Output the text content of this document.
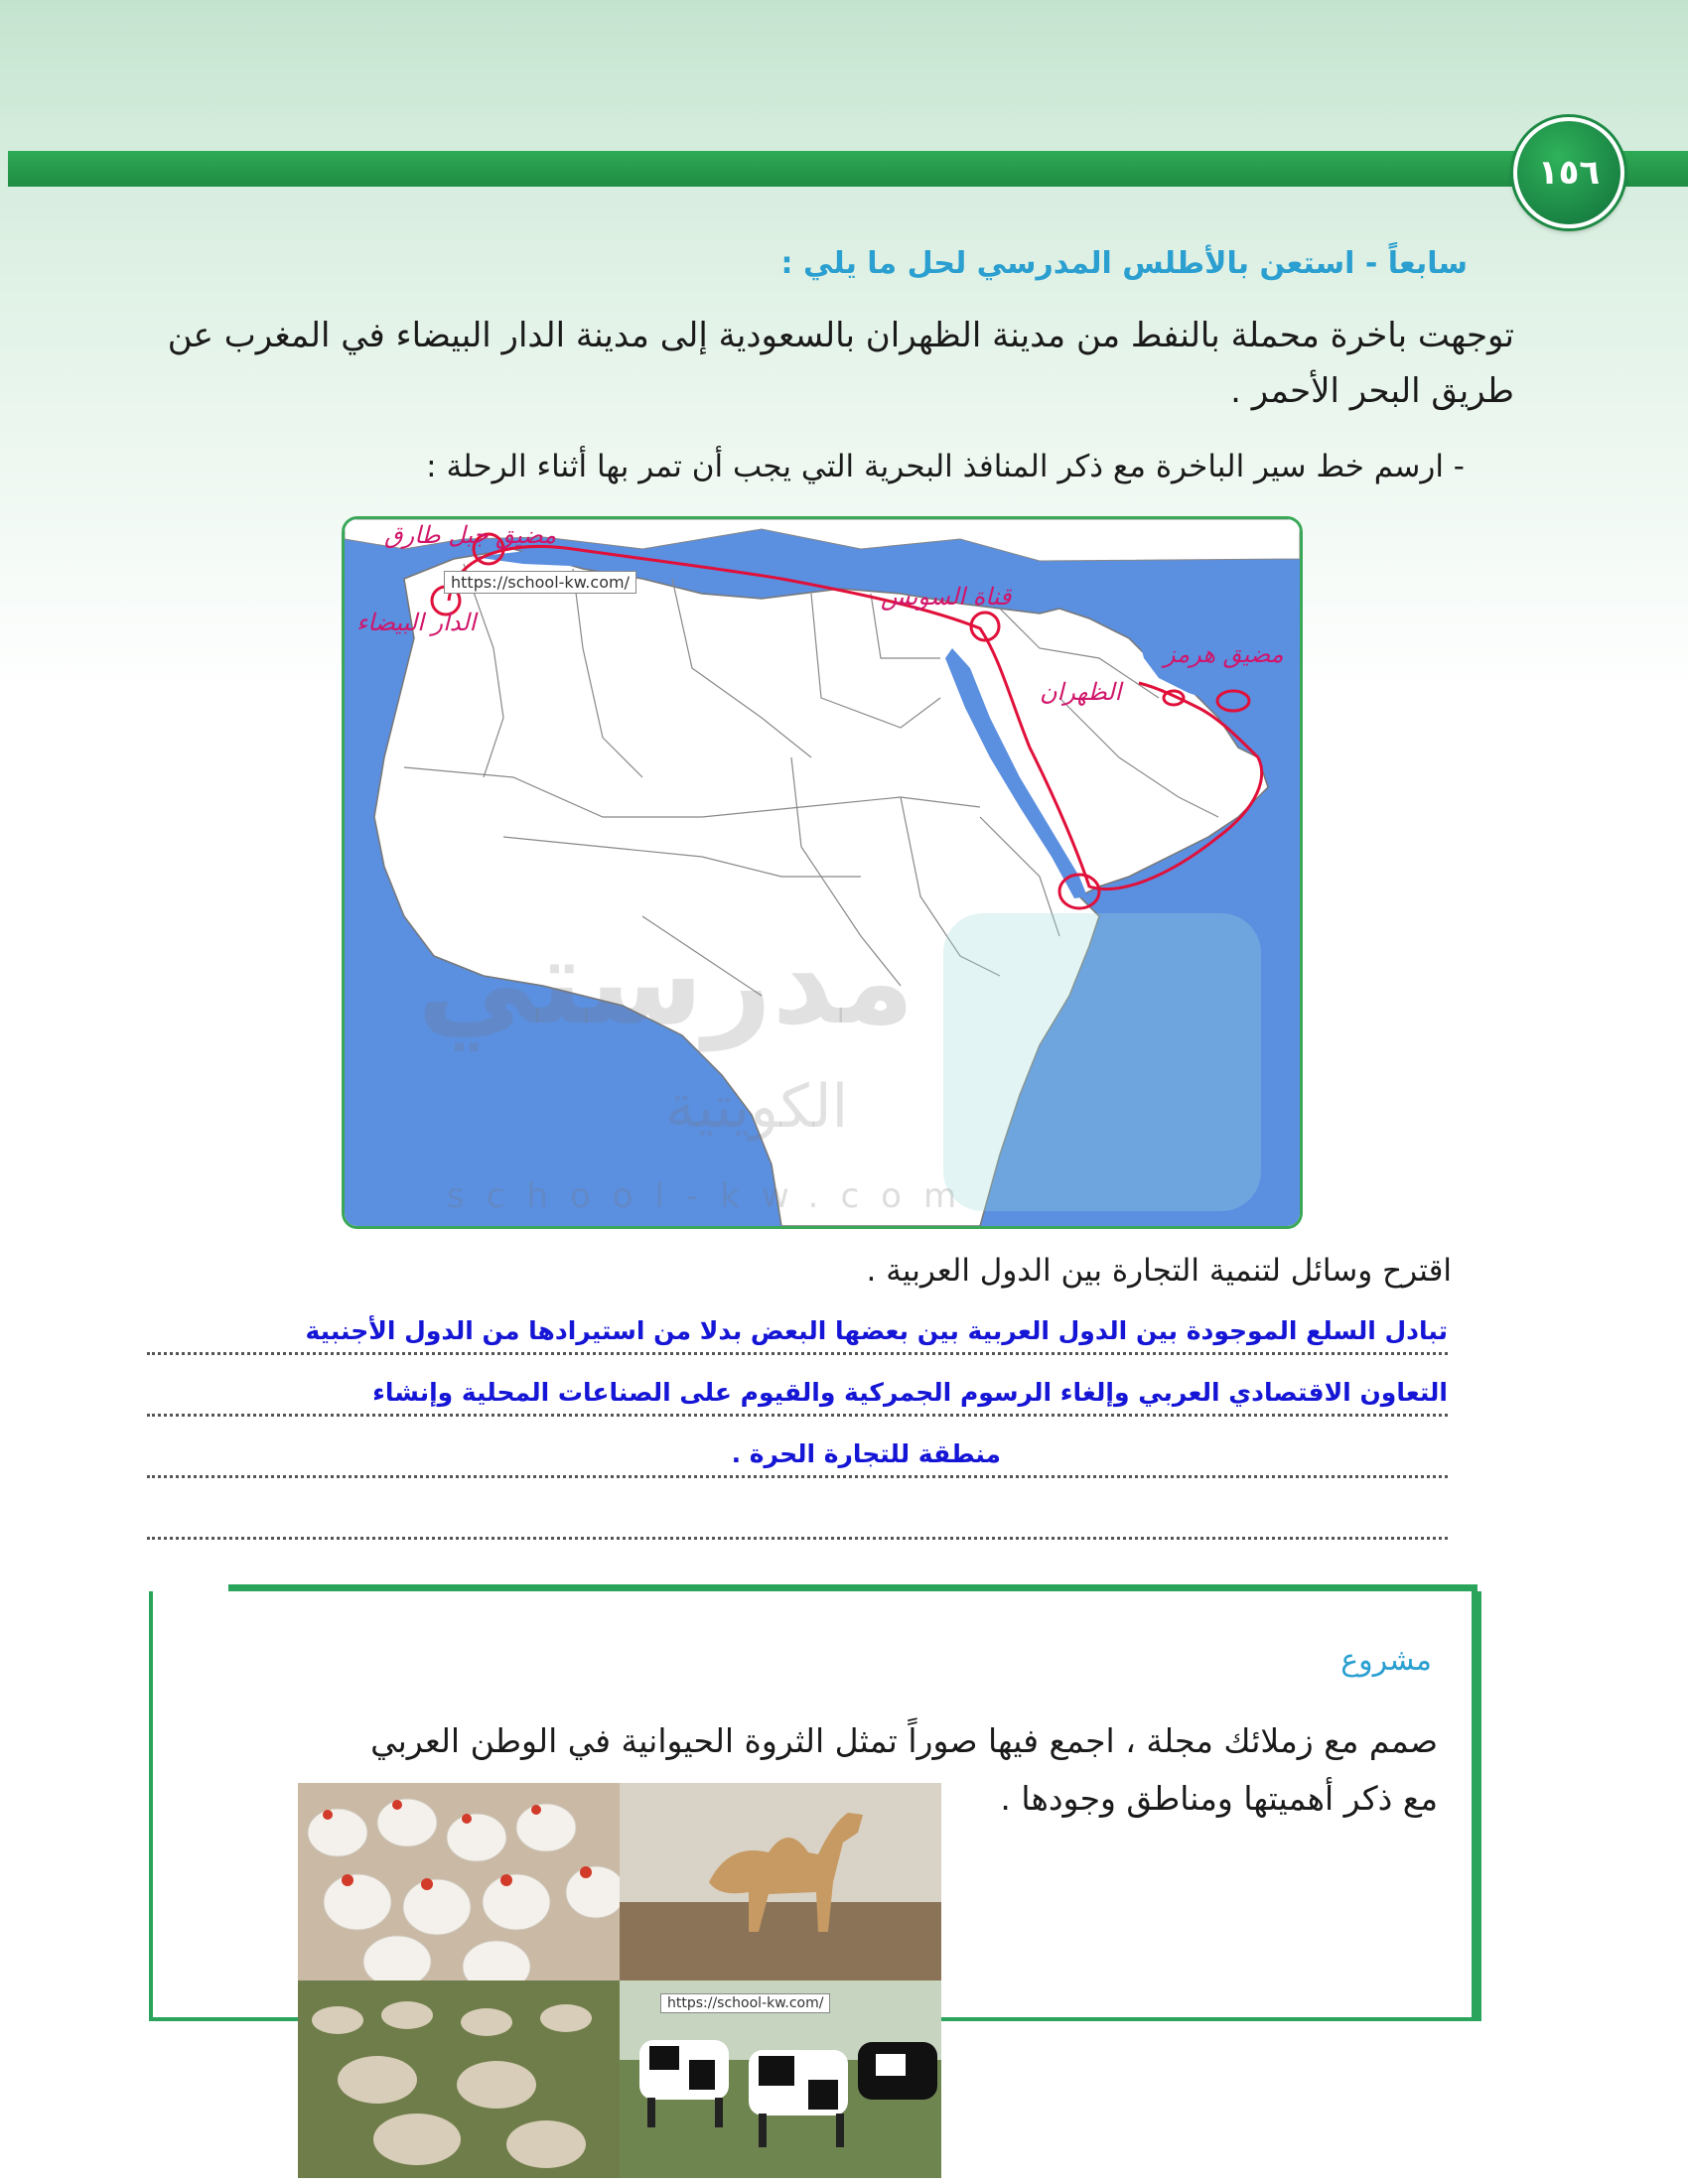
١٥٦
سابعاً - استعن بالأطلس المدرسي لحل ما يلي :
توجهت باخرة محملة بالنفط من مدينة الظهران بالسعودية إلى مدينة الدار البيضاء في المغرب عن طريق البحر الأحمر .
- ارسم خط سير الباخرة مع ذكر المنافذ البحرية التي يجب أن تمر بها أثناء الرحلة :
https://school-kw.com/
مضيق جبل طارق
الدار البيضاء
قناة السويس
مضيق هرمز
الظهران
مدرستي
الكويتية
school-kw.com
اقترح وسائل لتنمية التجارة بين الدول العربية .
تبادل السلع الموجودة بين الدول العربية بين بعضها البعض بدلا من استيرادها من الدول الأجنبية
التعاون الاقتصادي العربي وإلغاء الرسوم الجمركية والقيوم على الصناعات المحلية وإنشاء
منطقة للتجارة الحرة .
مشروع
صمم مع زملائك مجلة ، اجمع فيها صوراً تمثل الثروة الحيوانية في الوطن العربي مع ذكر أهميتها ومناطق وجودها .
https://school-kw.com/
